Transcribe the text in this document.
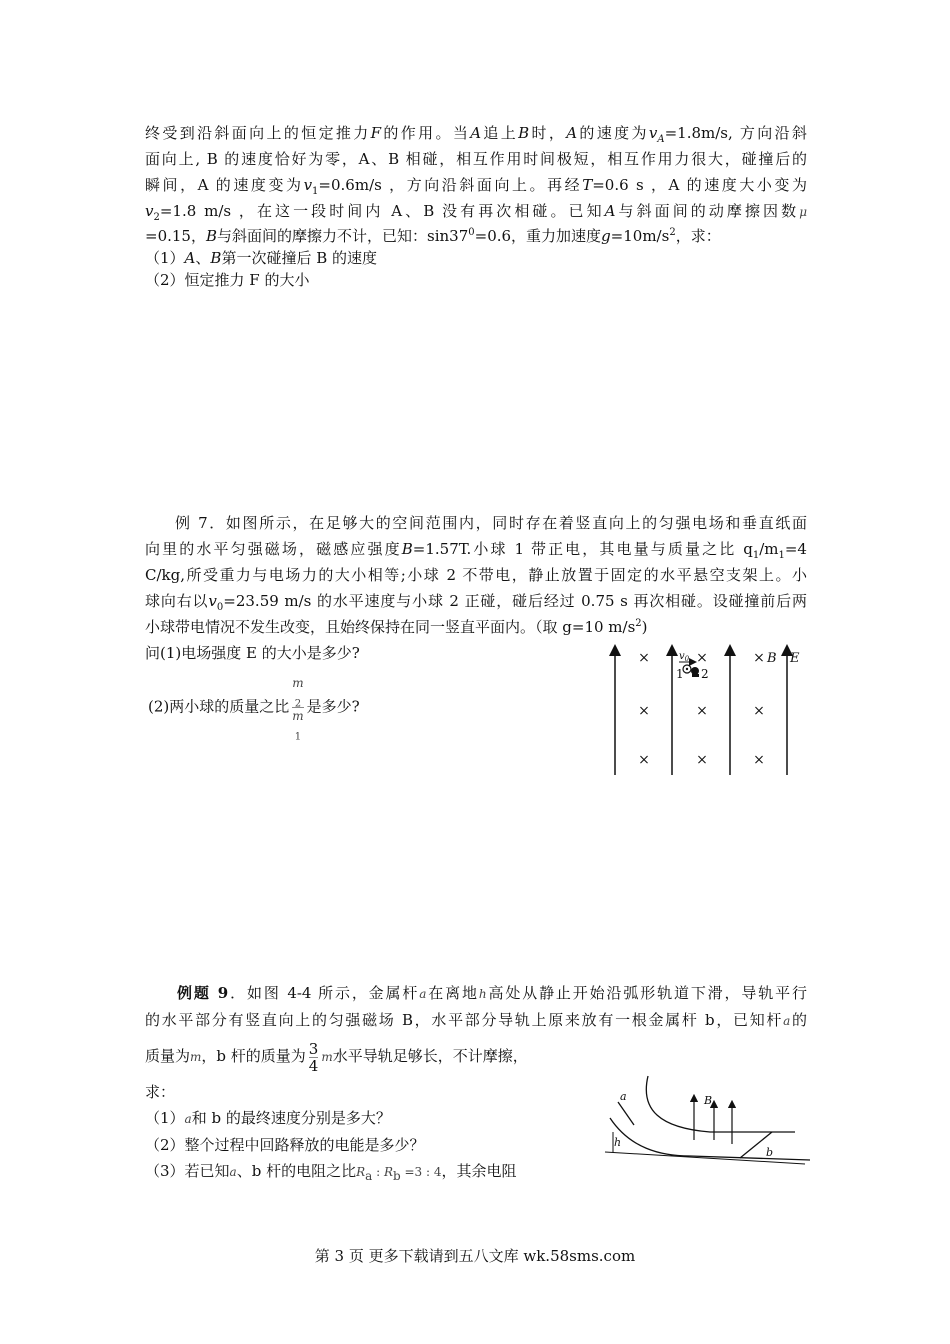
终受到沿斜面向上的恒定推力F的作用。当A追上B时，A的速度为$v_A=1.8m/s$, 方向沿斜
面向上, B 的速度恰好为零，A、B 相碰，相互作用时间极短，相互作用力很大，碰撞后的
瞬间，A 的速度变为$v_1=0.6m/s$ ，方向沿斜面向上。再经T=0.6 s ，A 的速度大小变为
$v_2=1.8$ m/s ，在这一段时间内 A、B 没有再次相碰。已知A与斜面间的动摩擦因数μ
=0.15，B与斜面间的摩擦力不计，已知：$\sin 37^0=0.6$，重力加速度$g=10m/s^2$，求：
（1）A、B第一次碰撞后 B 的速度
（2）恒定推力 F 的大小
例 7．如图所示，在足够大的空间范围内，同时存在着竖直向上的匀强电场和垂直纸面
向里的水平匀强磁场，磁感应强度B=1.57T.小球 1 带正电，其电量与质量之比 $q_1/m_1=4$
C/kg,所受重力与电场力的大小相等;小球 2 不带电，静止放置于固定的水平悬空支架上。小
球向右以$v_0=23.59$ m/s 的水平速度与小球 2 正碰，碰后经过 0.75 s 再次相碰。设碰撞前后两
小球带电情况不发生改变，且始终保持在同一竖直平面内。（取 g=10 $m/s^2$)
问(1)电场强度 E 的大小是多少?
(2)两小球的质量之比 m
$_2$
m
$_1$ 是多少?
×	×	×
×	×	×
×	×	×
$v_0$
1 2
B E
例题 9．如图 4-4 所示，金属杆a在离地h高处从静止开始沿弧形轨道下滑，导轨平行
的水平部分有竖直向上的匀强磁场 B，水平部分导轨上原来放有一根金属杆 b，已知杆a的
质量为m，b 杆的质量为 $\frac{3}{4}$ m水平导轨足够长，不计摩擦，
求：
（1）a和 b 的最终速度分别是多大？
（2）整个过程中回路释放的电能是多少？
（3）若已知a、b 杆的电阻之比$R_a$ : $R_b =3$ : 4，其余电阻
a
h
B
b
第 3 页 更多下载请到五八文库 wk.58sms.com
